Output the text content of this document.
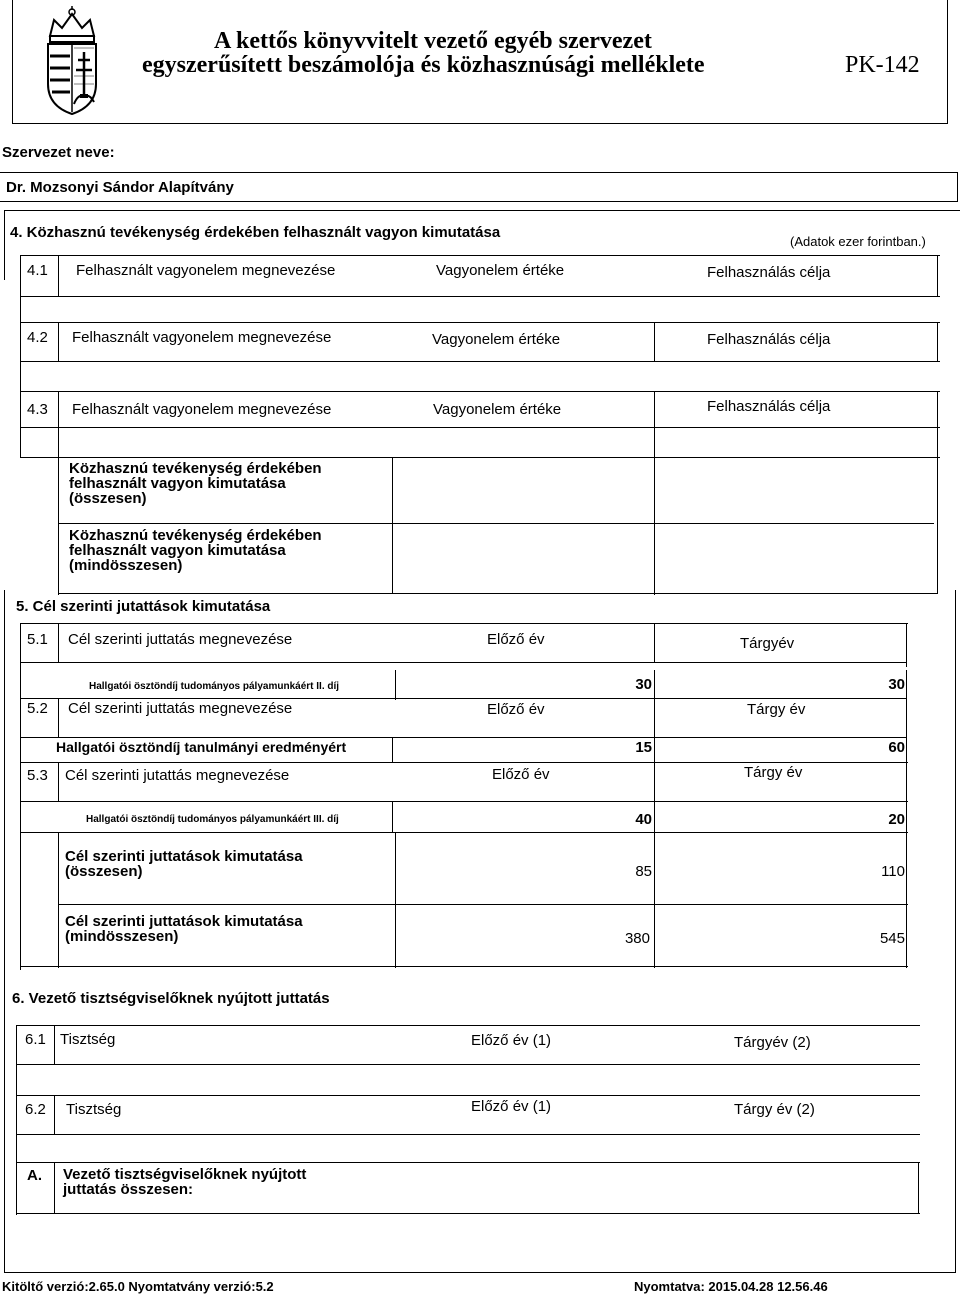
A kettős könyvvitelt vezető egyéb szervezet
egyszerűsített beszámolója és közhasznúsági melléklete	PK-142
Szervezet neve:
Dr. Mozsonyi Sándor Alapítvány
4. Közhasznú tevékenység érdekében felhasznált vagyon kimutatása
(Adatok ezer forintban.)
4.1 Felhasznált vagyonelem megnevezése	Vagyonelem értéke	Felhasználás célja
4.2 Felhasznált vagyonelem megnevezése	Vagyonelem értéke	Felhasználás célja
4.3 Felhasznált vagyonelem megnevezése	Vagyonelem értéke	Felhasználás célja
Közhasznú tevékenység érdekében
felhasznált vagyon kimutatása
(összesen)
Közhasznú tevékenység érdekében
felhasznált vagyon kimutatása
(mindösszesen)
5. Cél szerinti jutattások kimutatása
5.1 Cél szerinti juttatás megnevezése	Előző év	Tárgyév
Hallgatói ösztöndíj tudományos pályamunkáért II. díj	30	30
5.2 Cél szerinti juttatás megnevezése	Előző év	Tárgy év
Hallgatói ösztöndíj tanulmányi eredményért	15	60
5.3 Cél szerinti jutattás megnevezése	Előző év	Tárgy év
Hallgatói ösztöndíj tudományos pályamunkáért III. díj	40	20
Cél szerinti juttatások kimutatása
(összesen)	85	110
Cél szerinti juttatások kimutatása
(mindösszesen)	380	545
6. Vezető tisztségviselőknek nyújtott juttatás
6.1 Tisztség	Előző év (1)	Tárgyév (2)
6.2 Tisztség	Előző év (1)	Tárgy év (2)
A. Vezető tisztségviselőknek nyújtott
juttatás összesen:
Kitöltő verzió:2.65.0 Nyomtatvány verzió:5.2	Nyomtatva: 2015.04.28 12.56.46
